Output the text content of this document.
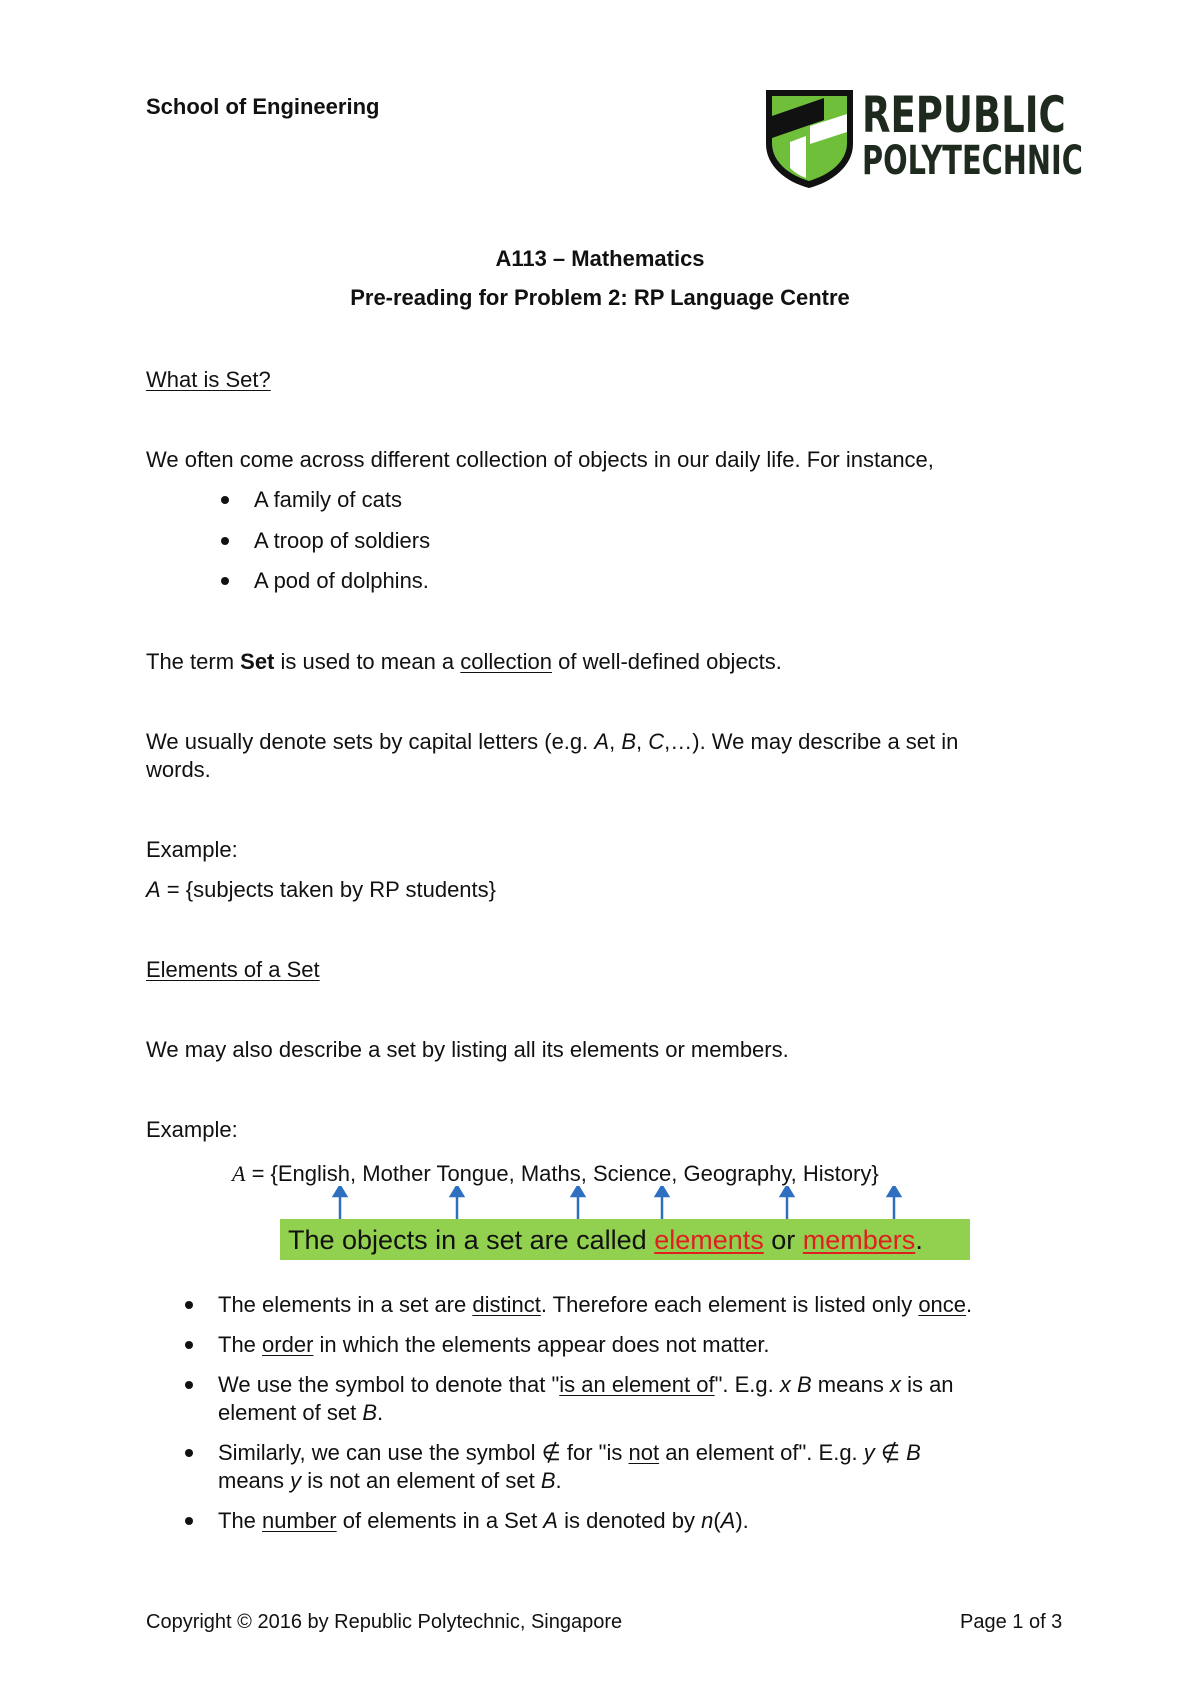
School of Engineering	REPUBLIC
POLYTECHNIC
A113 – Mathematics
Pre-reading for Problem 2: RP Language Centre
What is Set?
We often come across different collection of objects in our daily life. For instance,
A family of cats
A troop of soldiers
A pod of dolphins.
The term Set is used to mean a collection of well-defined objects.
We usually denote sets by capital letters (e.g. A, B, C,…). We may describe a set in
words.
Example:
A = {subjects taken by RP students}
Elements of a Set
We may also describe a set by listing all its elements or members.
Example:
A = {English, Mother Tongue, Maths, Science, Geography, History}
The objects in a set are called elements or members.
The elements in a set are distinct. Therefore each element is listed only once.
The order in which the elements appear does not matter.
We use the symbol to denote that "is an element of". E.g. x B means x is an
element of set B.
Similarly, we can use the symbol ∉ for "is not an element of". E.g. y ∉ B
means y is not an element of set B.
The number of elements in a Set A is denoted by n(A).
Copyright © 2016 by Republic Polytechnic, Singapore	Page 1 of 3
